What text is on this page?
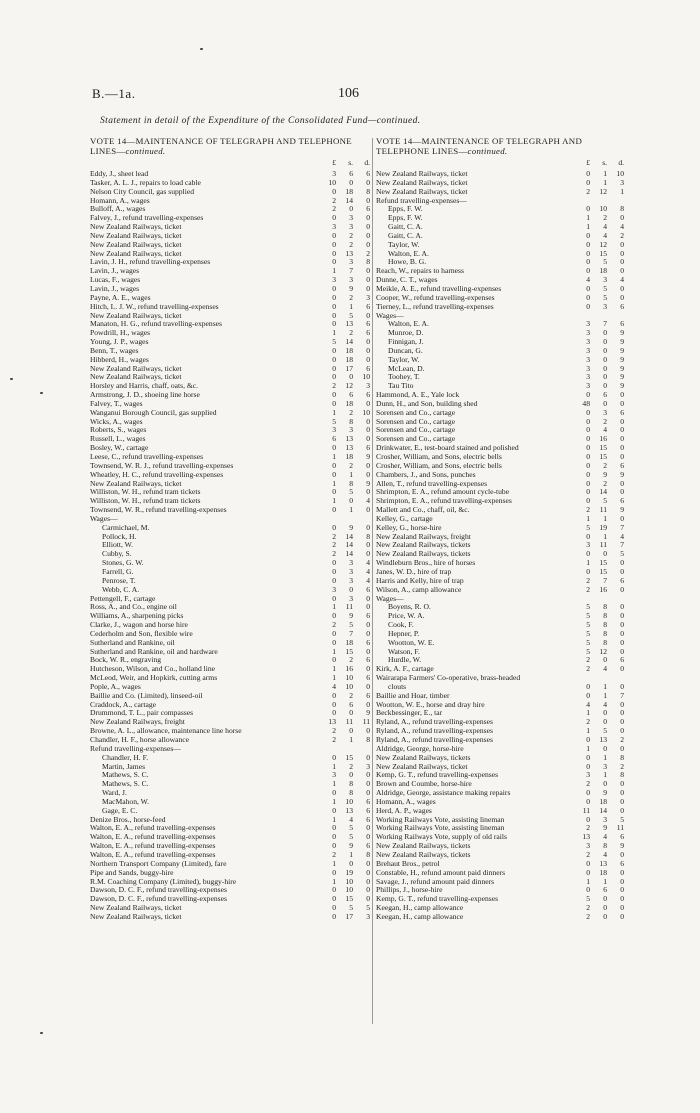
B.—1a.	106
Statement in detail of the Expenditure of the Consolidated Fund—continued.
VOTE 14—MAINTENANCE OF TELEGRAPH AND TELEPHONE LINES—continued.
£ s. d.
Eddy, J., sheet lead	3	6	6
Tasker, A. L. J., repairs to load cable	10	0	0
Nelson City Council, gas supplied	0	18	8
Homann, A., wages	2	14	0
Bulloff, A., wages	2	0	6
Falvey, J., refund travelling-expenses	0	3	0
New Zealand Railways, ticket	3	3	0
New Zealand Railways, ticket	0	2	0
New Zealand Railways, ticket	0	2	0
New Zealand Railways, ticket	0	13	2
Lavin, J. H., refund travelling-expenses	0	3	8
Lavin, J., wages	1	7	0
Lucas, F., wages	3	3	0
Lavin, J., wages	0	9	0
Payne, A. E., wages	0	2	3
Hitch, L. J. W., refund travelling-expenses	0	1	6
New Zealand Railways, ticket	0	5	0
Manaton, H. G., refund travelling-expenses	0	13	6
Powdrill, H., wages	1	2	6
Young, J. P., wages	5	14	0
Benn, T., wages	0	18	0
Hibberd, H., wages	0	18	0
New Zealand Railways, ticket	0	17	6
New Zealand Railways, ticket	0	0	10
Horsley and Harris, chaff, oats, &c.	2	12	3
Armstrong, J. D., shoeing line horse	0	6	6
Falvey, T., wages	0	18	0
Wanganui Borough Council, gas supplied	1	2	10
Wicks, A., wages	5	8	0
Roberts, S., wages	3	3	0
Russell, L., wages	6	13	0
Bosley, W., cartage	0	13	6
Leese, C., refund travelling-expenses	1	18	9
Townsend, W. R. J., refund travelling-expenses	0	2	0
Wheatley, H. C., refund travelling-expenses	0	1	0
New Zealand Railways, ticket	1	8	9
Williston, W. H., refund tram tickets	0	5	0
Williston, W. H., refund tram tickets	1	0	4
Townsend, W. R., refund travelling-expenses	0	1	0
Wages—
Carmichael, M.	0	9	0
Pollock, H.	2	14	8
Elliott, W.	2	14	0
Cubby, S.	2	14	0
Stones, G. W.	0	3	4
Farrell, G.	0	3	4
Penrose, T.	0	3	4
Webb, C. A.	3	0	6
Pettengell, F., cartage	0	3	0
Ross, A., and Co., engine oil	1	11	0
Williams, A., sharpening picks	0	9	6
Clarke, J., wagon and horse hire	2	5	0
Cederholm and Son, flexible wire	0	7	0
Sutherland and Rankine, oil	0	18	6
Sutherland and Rankine, oil and hardware	1	15	0
Bock, W. R., engraving	0	2	6
Hutcheson, Wilson, and Co., holland line	1	16	0
McLeod, Weir, and Hopkirk, cutting arms	1	10	6
Pople, A., wages	4	10	0
Baillie and Co. (Limited), linseed-oil	0	2	6
Craddock, A., cartage	0	6	0
Drummond, T. L., pair compasses	0	0	9
New Zealand Railways, freight	13	11	11
Browne, A. L., allowance, maintenance line horse	2	0	0
Chandler, H. F., horse allowance	2	1	8
Refund travelling-expenses—
Chandler, H. F.	0	15	0
Martin, James	1	2	3
Mathews, S. C.	3	0	0
Mathews, S. C.	1	8	0
Ward, J.	0	8	0
MacMahon, W.	1	10	6
Gage, E. C.	0	13	6
Denize Bros., horse-feed	1	4	6
Walton, E. A., refund travelling-expenses	0	5	0
Walton, E. A., refund travelling-expenses	0	5	0
Walton, E. A., refund travelling-expenses	0	9	6
Walton, E. A., refund travelling-expenses	2	1	8
Northern Transport Company (Limited), fare	1	0	0
Pipe and Sands, buggy-hire	0	19	0
R.M. Coaching Company (Limited), buggy-hire	1	10	0
Dawson, D. C. F., refund travelling-expenses	0	10	0
Dawson, D. C. F., refund travelling-expenses	0	15	0
New Zealand Railways, ticket	0	5	5
New Zealand Railways, ticket	0	17	3
VOTE 14—MAINTENANCE OF TELEGRAPH AND TELEPHONE LINES—continued.
£ s. d.
New Zealand Railways, ticket	0	1	10
New Zealand Railways, ticket	0	1	3
New Zealand Railways, ticket	2	12	1
Refund travelling-expenses—
Epps, F. W.	0	10	8
Epps, F. W.	1	2	0
Gaitt, C. A.	1	4	4
Gaitt, C. A.	0	4	2
Taylor, W.	0	12	0
Walton, E. A.	0	15	0
Howe, B. G.	0	5	0
Reach, W., repairs to harness	0	18	0
Dunne, C. T., wages	4	3	4
Meikle, A. E., refund travelling-expenses	0	5	0
Cooper, W., refund travelling-expenses	0	5	0
Tierney, L., refund travelling-expenses	0	3	6
Wages—
Walton, E. A.	3	7	6
Munroe, D.	3	0	9
Finnigan, J.	3	0	9
Duncan, G.	3	0	9
Taylor, W.	3	0	9
McLean, D.	3	0	9
Toohey, T.	3	0	9
Tau Tito	3	0	9
Hammond, A. E., Yale lock	0	6	0
Dunn, H., and Son, building shed	48	0	0
Sorensen and Co., cartage	0	3	6
Sorensen and Co., cartage	0	2	0
Sorensen and Co., cartage	0	4	0
Sorensen and Co., cartage	0	16	0
Drinkwater, E., test-board stained and polished	0	15	0
Crosher, William, and Sons, electric bells	0	15	0
Crosher, William, and Sons, electric bells	0	2	6
Chambers, J., and Sons, punches	0	9	9
Allen, T., refund travelling-expenses	0	2	0
Shrimpton, E. A., refund amount cycle-tube	0	14	0
Shrimpton, E. A., refund travelling-expenses	0	5	6
Mallett and Co., chaff, oil, &c.	2	11	9
Kelley, G., cartage	1	1	0
Kelley, G., horse-hire	5	19	7
New Zealand Railways, freight	0	1	4
New Zealand Railways, tickets	3	11	7
New Zealand Railways, tickets	0	0	5
Windleburn Bros., hire of horses	1	15	0
Janes, W. D., hire of trap	0	15	0
Harris and Kelly, hire of trap	2	7	6
Wilson, A., camp allowance	2	16	0
Wages—
Boyens, R. O.	5	8	0
Price, W. A.	5	8	0
Cook, F.	5	8	0
Hepner, P.	5	8	0
Wootton, W. E.	5	8	0
Watson, F.	5	12	0
Hurdle, W.	2	0	6
Kirk, A. F., cartage	2	4	0
Wairarapa Farmers' Co-operative, brass-headed
clouts	0	1	0
Baillie and Hoar, timber	0	1	7
Wootton, W. E., horse and dray hire	4	4	0
Beckbessinger, E., tar	1	0	0
Ryland, A., refund travelling-expenses	2	0	0
Ryland, A., refund travelling-expenses	1	5	0
Ryland, A., refund travelling-expenses	0	13	2
Aldridge, George, horse-hire	1	0	0
New Zealand Railways, tickets	0	1	8
New Zealand Railways, ticket	0	3	2
Kemp, G. T., refund travelling-expenses	3	1	8
Brown and Coumbe, horse-hire	2	0	0
Aldridge, George, assistance making repairs	0	9	0
Homann, A., wages	0	18	0
Herd, A. P., wages	11	14	0
Working Railways Vote, assisting lineman	0	3	5
Working Railways Vote, assisting lineman	2	9	11
Working Railways Vote, supply of old rails	13	4	6
New Zealand Railways, tickets	3	8	9
New Zealand Railways, tickets	2	4	0
Brehaut Bros., petrol	0	13	6
Constable, H., refund amount paid dinners	0	18	0
Savage, J., refund amount paid dinners	1	1	0
Phillips, J., horse-hire	0	6	0
Kemp, G. T., refund travelling-expenses	5	0	0
Keegan, H., camp allowance	2	0	0
Keegan, H., camp allowance	2	0	0
